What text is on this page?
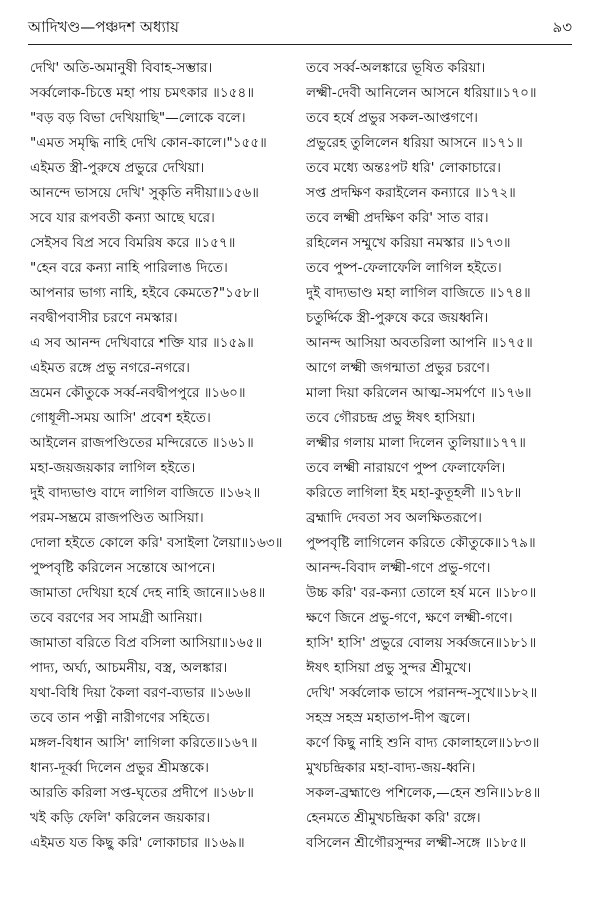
আদিখণ্ড—পঞ্চদশ অধ্যায়	৯৩
দেখি' অতি-অমানুষী বিবাহ-সম্ভার।
সর্ব্বলোক-চিত্তে মহা পায় চমৎকার ॥১৫৪॥
"বড় বড় বিভা দেখিয়াছি"—লোকে বলে।
"এমত সমৃদ্ধি নাহি দেখি কোন-কালে।"১৫৫॥
এইমত স্ত্রী-পুরুষে প্রভুরে দেখিয়া।
আনন্দে ভাসয়ে দেখি' সুকৃতি নদীয়া॥১৫৬॥
সবে যার রূপবতী কন্যা আছে ঘরে।
সেইসব বিপ্র সবে বিমরিষ করে ॥১৫৭॥
"হেন বরে কন্যা নাহি পারিলাঙ দিতে।
আপনার ভাগ্য নাহি, হইবে কেমতে?"১৫৮॥
নবদ্বীপবাসীর চরণে নমস্কার।
এ সব আনন্দ দেখিবারে শক্তি যার ॥১৫৯॥
এইমত রঙ্গে প্রভু নগরে-নগরে।
ভ্রমেন কৌতুকে সর্ব্ব-নবদ্বীপপুরে ॥১৬০॥
গোধূলী-সময় আসি' প্রবেশ হইতে।
আইলেন রাজপণ্ডিতের মন্দিরেতে ॥১৬১॥
মহা-জয়জয়কার লাগিল হইতে।
দুই বাদ্যভাণ্ড বাদে লাগিল বাজিতে ॥১৬২॥
পরম-সম্ভ্রমে রাজপণ্ডিত আসিয়া।
দোলা হইতে কোলে করি' বসাইলা লৈয়া॥১৬৩॥
পুষ্পবৃষ্টি করিলেন সন্তোষে আপনে।
জামাতা দেখিয়া হর্ষে দেহ নাহি জানে॥১৬৪॥
তবে বরণের সব সামগ্রী আনিয়া।
জামাতা বরিতে বিপ্র বসিলা আসিয়া॥১৬৫॥
পাদ্য, অর্ঘ্য, আচমনীয়, বস্ত্র, অলঙ্কার।
যথা-বিধি দিয়া কৈলা বরণ-ব্যভার ॥১৬৬॥
তবে তান পত্নী নারীগণের সহিতে।
মঙ্গল-বিধান আসি' লাগিলা করিতে॥১৬৭॥
ধান্য-দূর্ব্বা দিলেন প্রভুর শ্রীমস্তকে।
আরতি করিলা সপ্ত-ঘৃতের প্রদীপে ॥১৬৮॥
খই কড়ি ফেলি' করিলেন জয়কার।
এইমত যত কিছু করি' লোকাচার ॥১৬৯॥
তবে সর্ব্ব-অলঙ্কারে ভূষিত করিয়া।
লক্ষ্মী-দেবী আনিলেন আসনে ধরিয়া॥১৭০॥
তবে হর্ষে প্রভুর সকল-আপ্তগণে।
প্রভুরেহ তুলিলেন ধরিয়া আসনে ॥১৭১॥
তবে মধ্যে অন্তঃপট ধরি' লোকাচারে।
সপ্ত প্রদক্ষিণ করাইলেন কন্যারে ॥১৭২॥
তবে লক্ষ্মী প্রদক্ষিণ করি' সাত বার।
রহিলেন সম্মুখে করিয়া নমস্কার ॥১৭৩॥
তবে পুষ্প-ফেলাফেলি লাগিল হইতে।
দুই বাদ্যভাণ্ড মহা লাগিল বাজিতে ॥১৭৪॥
চতুর্দ্দিকে স্ত্রী-পুরুষে করে জয়ধ্বনি।
আনন্দ আসিয়া অবতরিলা আপনি ॥১৭৫॥
আগে লক্ষ্মী জগন্মাতা প্রভুর চরণে।
মালা দিয়া করিলেন আত্ম-সমর্পণে ॥১৭৬॥
তবে গৌরচন্দ্র প্রভু ঈষৎ হাসিয়া।
লক্ষ্মীর গলায় মালা দিলেন তুলিয়া॥১৭৭॥
তবে লক্ষ্মী নারায়ণে পুষ্প ফেলাফেলি।
করিতে লাগিলা ইহ মহা-কুতূহলী ॥১৭৮॥
ব্রহ্মাদি দেবতা সব অলক্ষিতরূপে।
পুষ্পবৃষ্টি লাগিলেন করিতে কৌতুকে॥১৭৯॥
আনন্দ-বিবাদ লক্ষ্মী-গণে প্রভু-গণে।
উচ্চ করি' বর-কন্যা তোলে হর্ষ মনে ॥১৮০॥
ক্ষণে জিনে প্রভু-গণে, ক্ষণে লক্ষ্মী-গণে।
হাসি' হাসি' প্রভুরে বোলয় সর্ব্বজনে॥১৮১॥
ঈষৎ হাসিয়া প্রভু সুন্দর শ্রীমুখে।
দেখি' সর্ব্বলোক ভাসে পরানন্দ-সুখে॥১৮২॥
সহস্র সহস্র মহাতাপ-দীপ জ্বলে।
কর্ণে কিছু নাহি শুনি বাদ্য কোলাহলে॥১৮৩॥
মুখচন্দ্রিকার মহা-বাদ্য-জয়-ধ্বনি।
সকল-ব্রহ্মাণ্ডে পশিলেক,—হেন শুনি॥১৮৪॥
হেনমতে শ্রীমুখচন্দ্রিকা করি' রঙ্গে।
বসিলেন শ্রীগৌরসুন্দর লক্ষ্মী-সঙ্গে ॥১৮৫॥
